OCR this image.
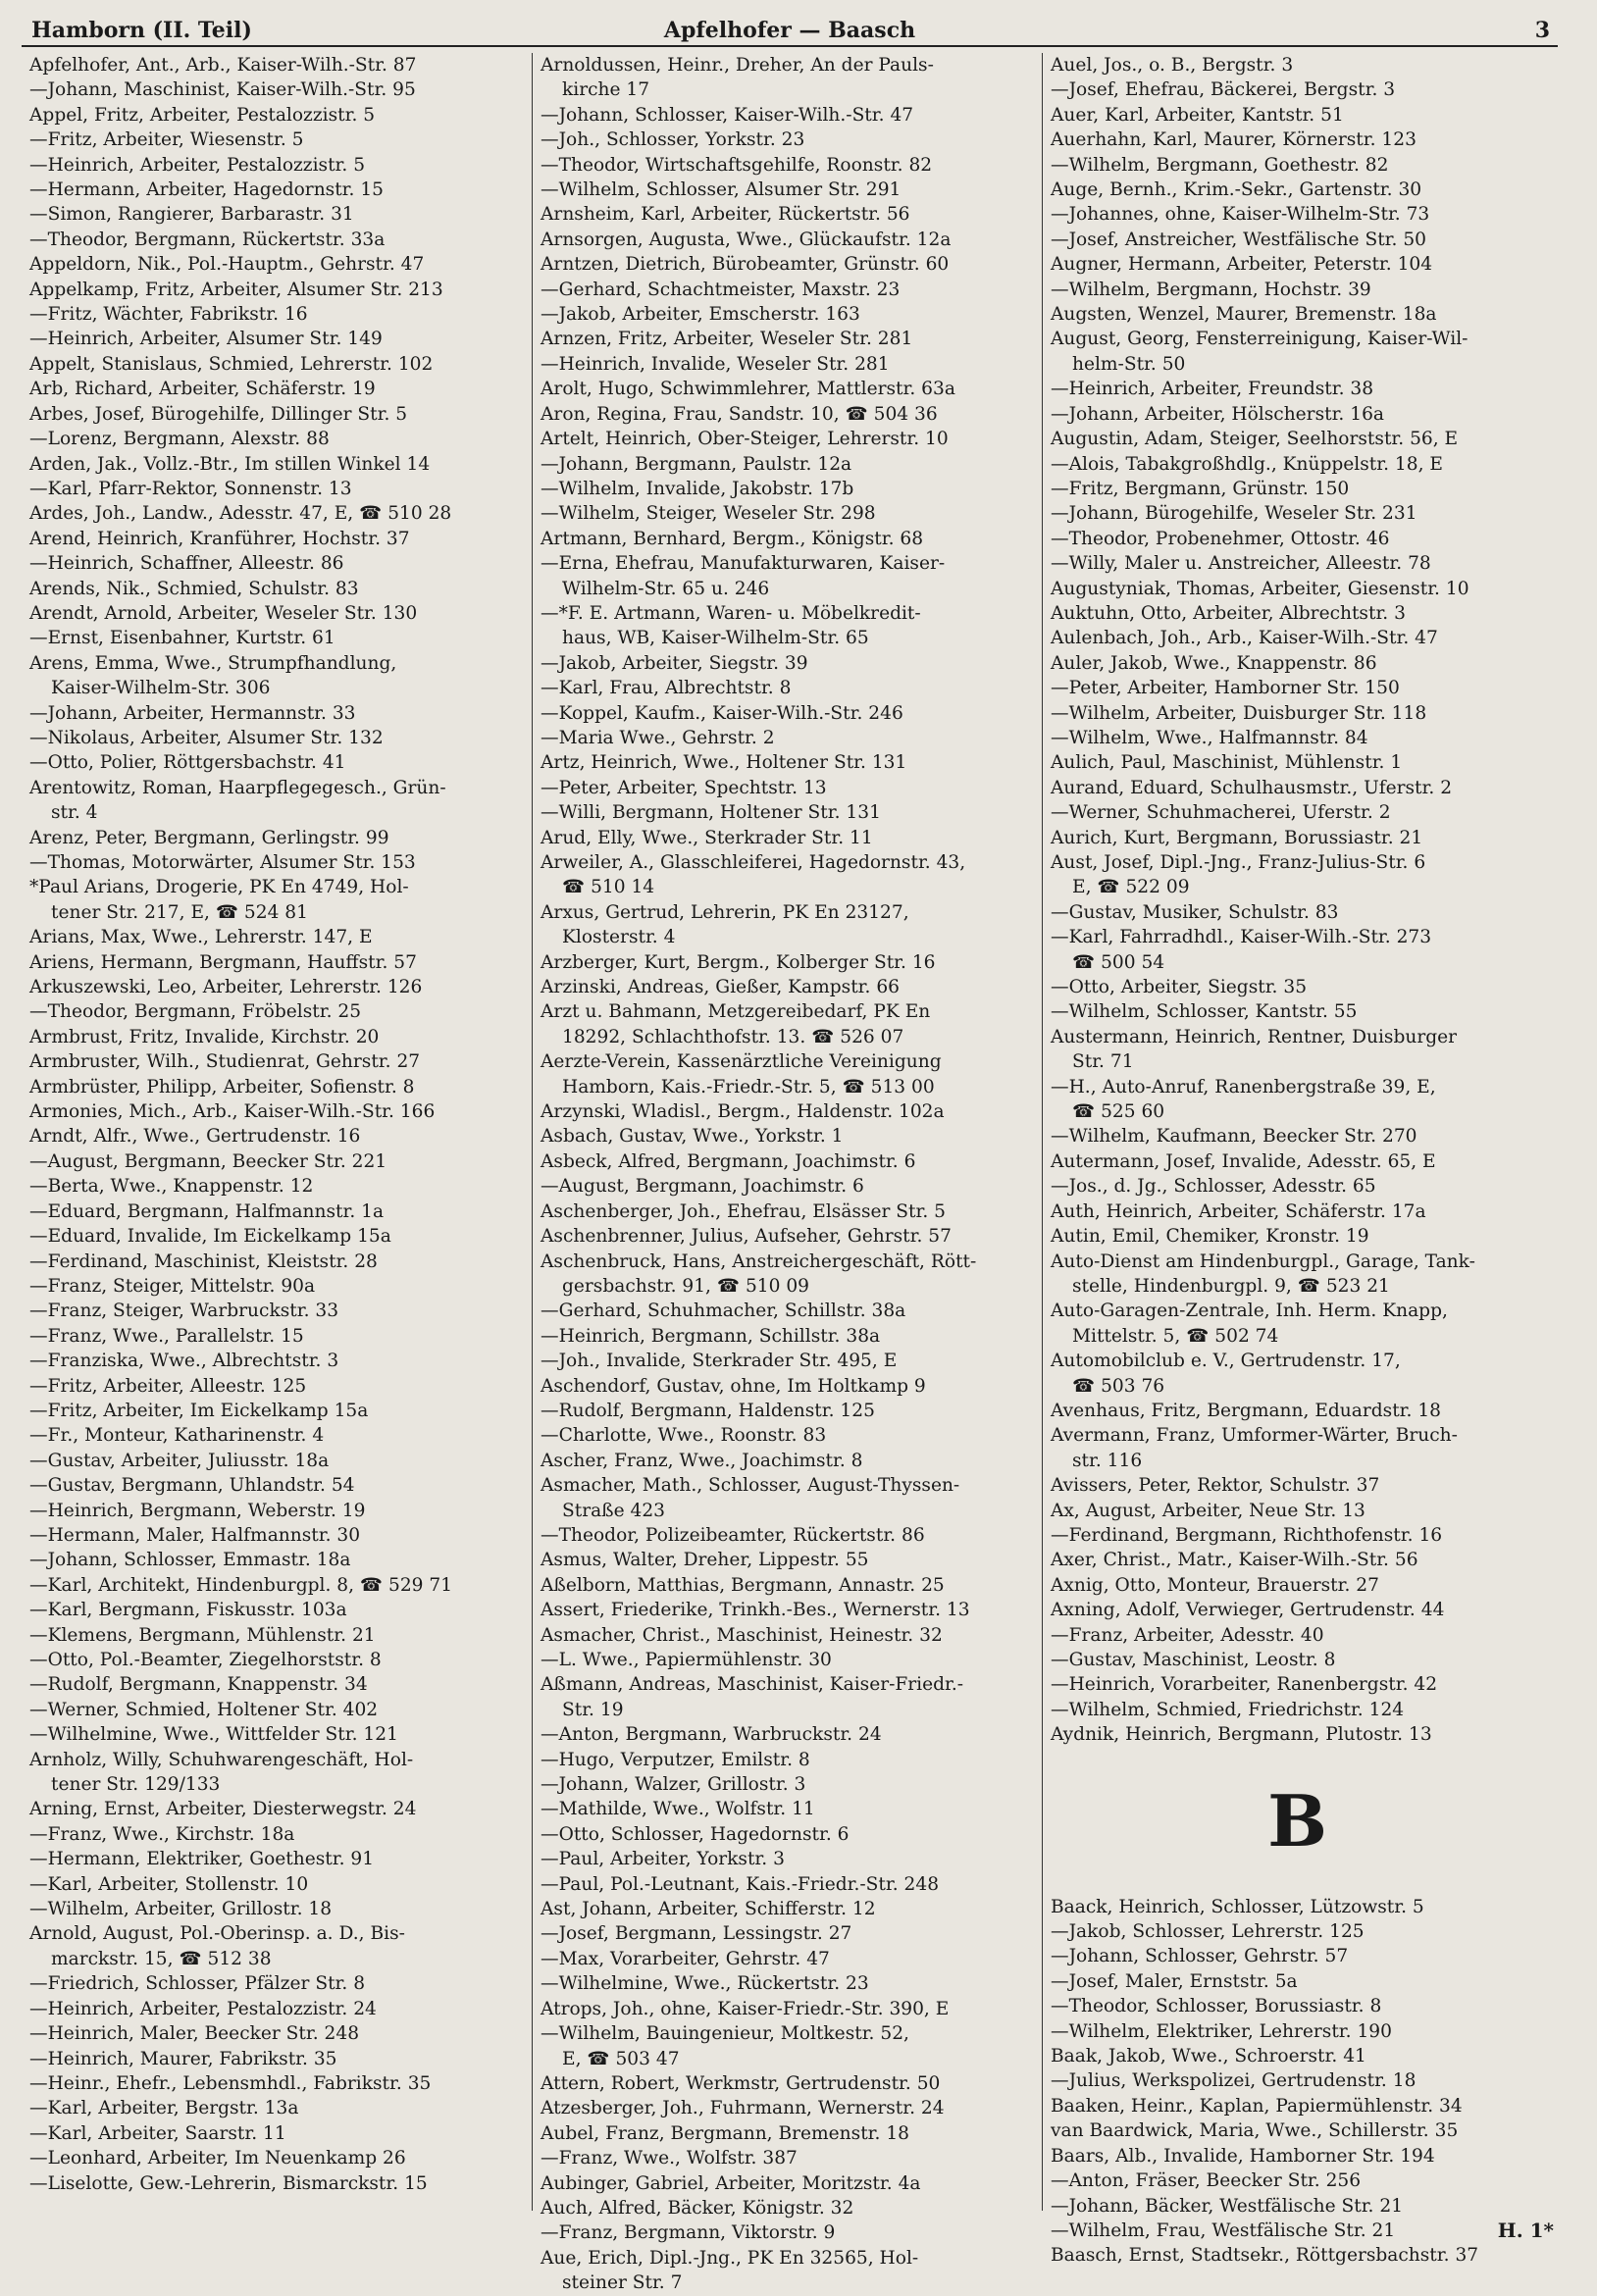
Hamborn (II. Teil)	Apfelhofer — Baasch	3

Apfelhofer, Ant., Arb., Kaiser-Wilh.-Str. 87

—Johann, Maschinist, Kaiser-Wilh.-Str. 95

Appel, Fritz, Arbeiter, Pestalozzistr. 5

—Fritz, Arbeiter, Wiesenstr. 5

—Heinrich, Arbeiter, Pestalozzistr. 5

—Hermann, Arbeiter, Hagedornstr. 15

—Simon, Rangierer, Barbarastr. 31

—Theodor, Bergmann, Rückertstr. 33a

Appeldorn, Nik., Pol.-Hauptm., Gehrstr. 47

Appelkamp, Fritz, Arbeiter, Alsumer Str. 213

—Fritz, Wächter, Fabrikstr. 16

—Heinrich, Arbeiter, Alsumer Str. 149

Appelt, Stanislaus, Schmied, Lehrerstr. 102

Arb, Richard, Arbeiter, Schäferstr. 19

Arbes, Josef, Bürogehilfe, Dillinger Str. 5

—Lorenz, Bergmann, Alexstr. 88

Arden, Jak., Vollz.-Btr., Im stillen Winkel 14

—Karl, Pfarr-Rektor, Sonnenstr. 13

Ardes, Joh., Landw., Adesstr. 47, E, ☎ 510 28

Arend, Heinrich, Kranführer, Hochstr. 37

—Heinrich, Schaffner, Alleestr. 86

Arends, Nik., Schmied, Schulstr. 83

Arendt, Arnold, Arbeiter, Weseler Str. 130

—Ernst, Eisenbahner, Kurtstr. 61

Arens, Emma, Wwe., Strumpfhandlung,

Kaiser-Wilhelm-Str. 306

—Johann, Arbeiter, Hermannstr. 33

—Nikolaus, Arbeiter, Alsumer Str. 132

—Otto, Polier, Röttgersbachstr. 41

Arentowitz, Roman, Haarpflegegesch., Grün-

str. 4

Arenz, Peter, Bergmann, Gerlingstr. 99

—Thomas, Motorwärter, Alsumer Str. 153

*Paul Arians, Drogerie, PK En 4749, Hol-

tener Str. 217, E, ☎ 524 81

Arians, Max, Wwe., Lehrerstr. 147, E

Ariens, Hermann, Bergmann, Hauffstr. 57

Arkuszewski, Leo, Arbeiter, Lehrerstr. 126

—Theodor, Bergmann, Fröbelstr. 25

Armbrust, Fritz, Invalide, Kirchstr. 20

Armbruster, Wilh., Studienrat, Gehrstr. 27

Armbrüster, Philipp, Arbeiter, Sofienstr. 8

Armonies, Mich., Arb., Kaiser-Wilh.-Str. 166

Arndt, Alfr., Wwe., Gertrudenstr. 16

—August, Bergmann, Beecker Str. 221

—Berta, Wwe., Knappenstr. 12

—Eduard, Bergmann, Halfmannstr. 1a

—Eduard, Invalide, Im Eickelkamp 15a

—Ferdinand, Maschinist, Kleiststr. 28

—Franz, Steiger, Mittelstr. 90a

—Franz, Steiger, Warbruckstr. 33

—Franz, Wwe., Parallelstr. 15

—Franziska, Wwe., Albrechtstr. 3

—Fritz, Arbeiter, Alleestr. 125

—Fritz, Arbeiter, Im Eickelkamp 15a

—Fr., Monteur, Katharinenstr. 4

—Gustav, Arbeiter, Juliusstr. 18a

—Gustav, Bergmann, Uhlandstr. 54

—Heinrich, Bergmann, Weberstr. 19

—Hermann, Maler, Halfmannstr. 30

—Johann, Schlosser, Emmastr. 18a

—Karl, Architekt, Hindenburgpl. 8, ☎ 529 71

—Karl, Bergmann, Fiskusstr. 103a

—Klemens, Bergmann, Mühlenstr. 21

—Otto, Pol.-Beamter, Ziegelhorststr. 8

—Rudolf, Bergmann, Knappenstr. 34

—Werner, Schmied, Holtener Str. 402

—Wilhelmine, Wwe., Wittfelder Str. 121

Arnholz, Willy, Schuhwarengeschäft, Hol-

tener Str. 129/133

Arning, Ernst, Arbeiter, Diesterwegstr. 24

—Franz, Wwe., Kirchstr. 18a

—Hermann, Elektriker, Goethestr. 91

—Karl, Arbeiter, Stollenstr. 10

—Wilhelm, Arbeiter, Grillostr. 18

Arnold, August, Pol.-Oberinsp. a. D., Bis-

marckstr. 15, ☎ 512 38

—Friedrich, Schlosser, Pfälzer Str. 8

—Heinrich, Arbeiter, Pestalozzistr. 24

—Heinrich, Maler, Beecker Str. 248

—Heinrich, Maurer, Fabrikstr. 35

—Heinr., Ehefr., Lebensmhdl., Fabrikstr. 35

—Karl, Arbeiter, Bergstr. 13a

—Karl, Arbeiter, Saarstr. 11

—Leonhard, Arbeiter, Im Neuenkamp 26

—Liselotte, Gew.-Lehrerin, Bismarckstr. 15

Arnoldussen, Heinr., Dreher, An der Pauls-

kirche 17

—Johann, Schlosser, Kaiser-Wilh.-Str. 47

—Joh., Schlosser, Yorkstr. 23

—Theodor, Wirtschaftsgehilfe, Roonstr. 82

—Wilhelm, Schlosser, Alsumer Str. 291

Arnsheim, Karl, Arbeiter, Rückertstr. 56

Arnsorgen, Augusta, Wwe., Glückaufstr. 12a

Arntzen, Dietrich, Bürobeamter, Grünstr. 60

—Gerhard, Schachtmeister, Maxstr. 23

—Jakob, Arbeiter, Emscherstr. 163

Arnzen, Fritz, Arbeiter, Weseler Str. 281

—Heinrich, Invalide, Weseler Str. 281

Arolt, Hugo, Schwimmlehrer, Mattlerstr. 63a

Aron, Regina, Frau, Sandstr. 10, ☎ 504 36

Artelt, Heinrich, Ober-Steiger, Lehrerstr. 10

—Johann, Bergmann, Paulstr. 12a

—Wilhelm, Invalide, Jakobstr. 17b

—Wilhelm, Steiger, Weseler Str. 298

Artmann, Bernhard, Bergm., Königstr. 68

—Erna, Ehefrau, Manufakturwaren, Kaiser-

Wilhelm-Str. 65 u. 246

—*F. E. Artmann, Waren- u. Möbelkredit-

haus, WB, Kaiser-Wilhelm-Str. 65

—Jakob, Arbeiter, Siegstr. 39

—Karl, Frau, Albrechtstr. 8

—Koppel, Kaufm., Kaiser-Wilh.-Str. 246

—Maria Wwe., Gehrstr. 2

Artz, Heinrich, Wwe., Holtener Str. 131

—Peter, Arbeiter, Spechtstr. 13

—Willi, Bergmann, Holtener Str. 131

Arud, Elly, Wwe., Sterkrader Str. 11

Arweiler, A., Glasschleiferei, Hagedornstr. 43,

☎ 510 14

Arxus, Gertrud, Lehrerin, PK En 23127,

Klosterstr. 4

Arzberger, Kurt, Bergm., Kolberger Str. 16

Arzinski, Andreas, Gießer, Kampstr. 66

Arzt u. Bahmann, Metzgereibedarf, PK En

18292, Schlachthofstr. 13. ☎ 526 07

Aerzte-Verein, Kassenärztliche Vereinigung

Hamborn, Kais.-Friedr.-Str. 5, ☎ 513 00

Arzynski, Wladisl., Bergm., Haldenstr. 102a

Asbach, Gustav, Wwe., Yorkstr. 1

Asbeck, Alfred, Bergmann, Joachimstr. 6

—August, Bergmann, Joachimstr. 6

Aschenberger, Joh., Ehefrau, Elsässer Str. 5

Aschenbrenner, Julius, Aufseher, Gehrstr. 57

Aschenbruck, Hans, Anstreichergeschäft, Rött-

gersbachstr. 91, ☎ 510 09

—Gerhard, Schuhmacher, Schillstr. 38a

—Heinrich, Bergmann, Schillstr. 38a

—Joh., Invalide, Sterkrader Str. 495, E

Aschendorf, Gustav, ohne, Im Holtkamp 9

—Rudolf, Bergmann, Haldenstr. 125

—Charlotte, Wwe., Roonstr. 83

Ascher, Franz, Wwe., Joachimstr. 8

Asmacher, Math., Schlosser, August-Thyssen-

Straße 423

—Theodor, Polizeibeamter, Rückertstr. 86

Asmus, Walter, Dreher, Lippestr. 55

Aßelborn, Matthias, Bergmann, Annastr. 25

Assert, Friederike, Trinkh.-Bes., Wernerstr. 13

Asmacher, Christ., Maschinist, Heinestr. 32

—L. Wwe., Papiermühlenstr. 30

Aßmann, Andreas, Maschinist, Kaiser-Friedr.-

Str. 19

—Anton, Bergmann, Warbruckstr. 24

—Hugo, Verputzer, Emilstr. 8

—Johann, Walzer, Grillostr. 3

—Mathilde, Wwe., Wolfstr. 11

—Otto, Schlosser, Hagedornstr. 6

—Paul, Arbeiter, Yorkstr. 3

—Paul, Pol.-Leutnant, Kais.-Friedr.-Str. 248

Ast, Johann, Arbeiter, Schifferstr. 12

—Josef, Bergmann, Lessingstr. 27

—Max, Vorarbeiter, Gehrstr. 47

—Wilhelmine, Wwe., Rückertstr. 23

Atrops, Joh., ohne, Kaiser-Friedr.-Str. 390, E

—Wilhelm, Bauingenieur, Moltkestr. 52,

E, ☎ 503 47

Attern, Robert, Werkmstr, Gertrudenstr. 50

Atzesberger, Joh., Fuhrmann, Wernerstr. 24

Aubel, Franz, Bergmann, Bremenstr. 18

—Franz, Wwe., Wolfstr. 387

Aubinger, Gabriel, Arbeiter, Moritzstr. 4a

Auch, Alfred, Bäcker, Königstr. 32

—Franz, Bergmann, Viktorstr. 9

Aue, Erich, Dipl.-Jng., PK En 32565, Hol-

steiner Str. 7

Auel, Jos., o. B., Bergstr. 3

—Josef, Ehefrau, Bäckerei, Bergstr. 3

Auer, Karl, Arbeiter, Kantstr. 51

Auerhahn, Karl, Maurer, Körnerstr. 123

—Wilhelm, Bergmann, Goethestr. 82

Auge, Bernh., Krim.-Sekr., Gartenstr. 30

—Johannes, ohne, Kaiser-Wilhelm-Str. 73

—Josef, Anstreicher, Westfälische Str. 50

Augner, Hermann, Arbeiter, Peterstr. 104

—Wilhelm, Bergmann, Hochstr. 39

Augsten, Wenzel, Maurer, Bremenstr. 18a

August, Georg, Fensterreinigung, Kaiser-Wil-

helm-Str. 50

—Heinrich, Arbeiter, Freundstr. 38

—Johann, Arbeiter, Hölscherstr. 16a

Augustin, Adam, Steiger, Seelhorststr. 56, E

—Alois, Tabakgroßhdlg., Knüppelstr. 18, E

—Fritz, Bergmann, Grünstr. 150

—Johann, Bürogehilfe, Weseler Str. 231

—Theodor, Probenehmer, Ottostr. 46

—Willy, Maler u. Anstreicher, Alleestr. 78

Augustyniak, Thomas, Arbeiter, Giesenstr. 10

Auktuhn, Otto, Arbeiter, Albrechtstr. 3

Aulenbach, Joh., Arb., Kaiser-Wilh.-Str. 47

Auler, Jakob, Wwe., Knappenstr. 86

—Peter, Arbeiter, Hamborner Str. 150

—Wilhelm, Arbeiter, Duisburger Str. 118

—Wilhelm, Wwe., Halfmannstr. 84

Aulich, Paul, Maschinist, Mühlenstr. 1

Aurand, Eduard, Schulhausmstr., Uferstr. 2

—Werner, Schuhmacherei, Uferstr. 2

Aurich, Kurt, Bergmann, Borussiastr. 21

Aust, Josef, Dipl.-Jng., Franz-Julius-Str. 6

E, ☎ 522 09

—Gustav, Musiker, Schulstr. 83

—Karl, Fahrradhdl., Kaiser-Wilh.-Str. 273

☎ 500 54

—Otto, Arbeiter, Siegstr. 35

—Wilhelm, Schlosser, Kantstr. 55

Austermann, Heinrich, Rentner, Duisburger

Str. 71

—H., Auto-Anruf, Ranenbergstraße 39, E,

☎ 525 60

—Wilhelm, Kaufmann, Beecker Str. 270

Autermann, Josef, Invalide, Adesstr. 65, E

—Jos., d. Jg., Schlosser, Adesstr. 65

Auth, Heinrich, Arbeiter, Schäferstr. 17a

Autin, Emil, Chemiker, Kronstr. 19

Auto-Dienst am Hindenburgpl., Garage, Tank-

stelle, Hindenburgpl. 9, ☎ 523 21

Auto-Garagen-Zentrale, Inh. Herm. Knapp,

Mittelstr. 5, ☎ 502 74

Automobilclub e. V., Gertrudenstr. 17,

☎ 503 76

Avenhaus, Fritz, Bergmann, Eduardstr. 18

Avermann, Franz, Umformer-Wärter, Bruch-

str. 116

Avissers, Peter, Rektor, Schulstr. 37

Ax, August, Arbeiter, Neue Str. 13

—Ferdinand, Bergmann, Richthofenstr. 16

Axer, Christ., Matr., Kaiser-Wilh.-Str. 56

Axnig, Otto, Monteur, Brauerstr. 27

Axning, Adolf, Verwieger, Gertrudenstr. 44

—Franz, Arbeiter, Adesstr. 40

—Gustav, Maschinist, Leostr. 8

—Heinrich, Vorarbeiter, Ranenbergstr. 42

—Wilhelm, Schmied, Friedrichstr. 124

Aydnik, Heinrich, Bergmann, Plutostr. 13

B

Baack, Heinrich, Schlosser, Lützowstr. 5

—Jakob, Schlosser, Lehrerstr. 125

—Johann, Schlosser, Gehrstr. 57

—Josef, Maler, Ernststr. 5a

—Theodor, Schlosser, Borussiastr. 8

—Wilhelm, Elektriker, Lehrerstr. 190

Baak, Jakob, Wwe., Schroerstr. 41

—Julius, Werkspolizei, Gertrudenstr. 18

Baaken, Heinr., Kaplan, Papiermühlenstr. 34

van Baardwick, Maria, Wwe., Schillerstr. 35

Baars, Alb., Invalide, Hamborner Str. 194

—Anton, Fräser, Beecker Str. 256

—Johann, Bäcker, Westfälische Str. 21

—Wilhelm, Frau, Westfälische Str. 21

Baasch, Ernst, Stadtsekr., Röttgersbachstr. 37

H. 1*
